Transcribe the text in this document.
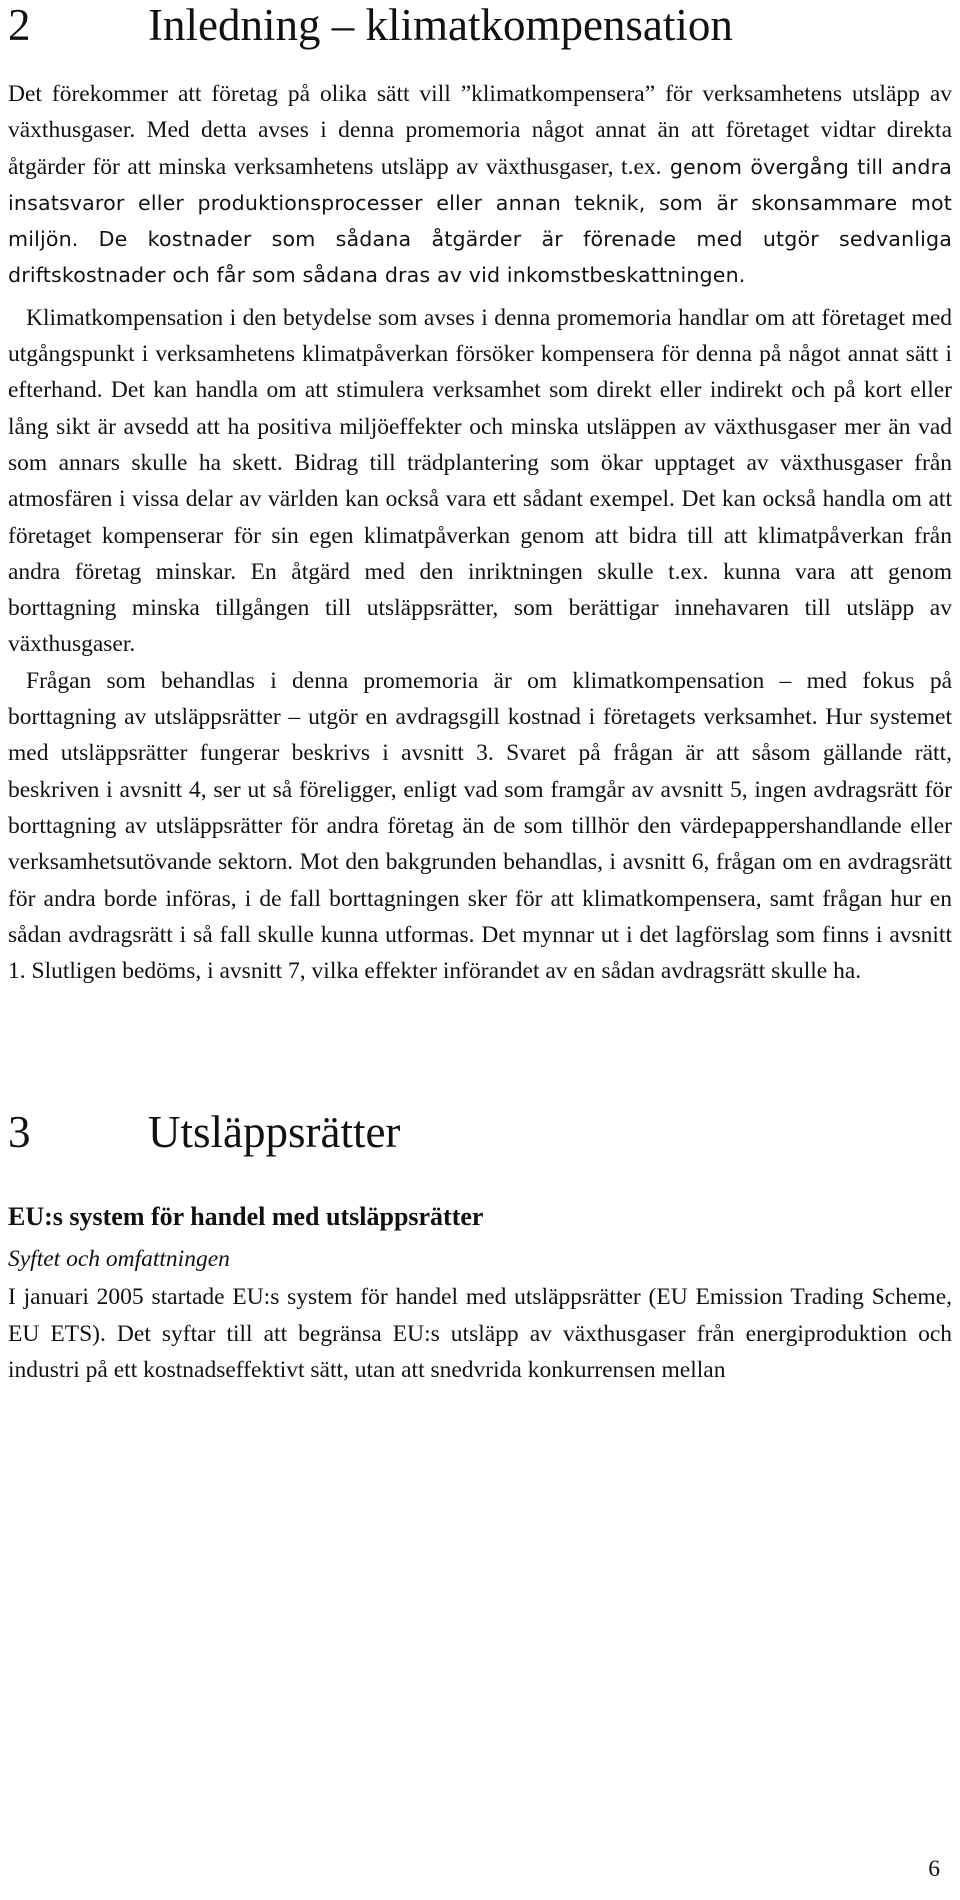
2	Inledning – klimatkompensation

Det förekommer att företag på olika sätt vill ”klimatkompensera” för verksamhetens utsläpp av växthusgaser. Med detta avses i denna promemoria något annat än att företaget vidtar direkta åtgärder för att minska verksamhetens utsläpp av växthusgaser, t.ex. genom övergång till andra insatsvaror eller produktionsprocesser eller annan teknik, som är skonsammare mot miljön. De kostnader som sådana åtgärder är förenade med utgör sedvanliga driftskostnader och får som sådana dras av vid inkomstbeskattningen.

Klimatkompensation i den betydelse som avses i denna promemoria handlar om att företaget med utgångspunkt i verksamhetens klimatpåverkan försöker kompensera för denna på något annat sätt i efterhand. Det kan handla om att stimulera verksamhet som direkt eller indirekt och på kort eller lång sikt är avsedd att ha positiva miljöeffekter och minska utsläppen av växthusgaser mer än vad som annars skulle ha skett. Bidrag till trädplantering som ökar upptaget av växthusgaser från atmosfären i vissa delar av världen kan också vara ett sådant exempel. Det kan också handla om att företaget kompenserar för sin egen klimatpåverkan genom att bidra till att klimatpåverkan från andra företag minskar. En åtgärd med den inriktningen skulle t.ex. kunna vara att genom borttagning minska tillgången till utsläppsrätter, som berättigar innehavaren till utsläpp av växthusgaser.

Frågan som behandlas i denna promemoria är om klimatkompensation – med fokus på borttagning av utsläppsrätter – utgör en avdragsgill kostnad i företagets verksamhet. Hur systemet med utsläppsrätter fungerar beskrivs i avsnitt 3. Svaret på frågan är att såsom gällande rätt, beskriven i avsnitt 4, ser ut så föreligger, enligt vad som framgår av avsnitt 5, ingen avdragsrätt för borttagning av utsläppsrätter för andra företag än de som tillhör den värdepappershandlande eller verksamhetsutövande sektorn. Mot den bakgrunden behandlas, i avsnitt 6, frågan om en avdragsrätt för andra borde införas, i de fall borttagningen sker för att klimatkompensera, samt frågan hur en sådan avdragsrätt i så fall skulle kunna utformas. Det mynnar ut i det lagförslag som finns i avsnitt 1. Slutligen bedöms, i avsnitt 7, vilka effekter införandet av en sådan avdragsrätt skulle ha.

3	Utsläppsrätter
EU:s system för handel med utsläppsrätter
Syftet och omfattningen

I januari 2005 startade EU:s system för handel med utsläppsrätter (EU Emission Trading Scheme, EU ETS). Det syftar till att begränsa EU:s utsläpp av växthusgaser från energiproduktion och industri på ett kostnadseffektivt sätt, utan att snedvrida konkurrensen mellan

6
